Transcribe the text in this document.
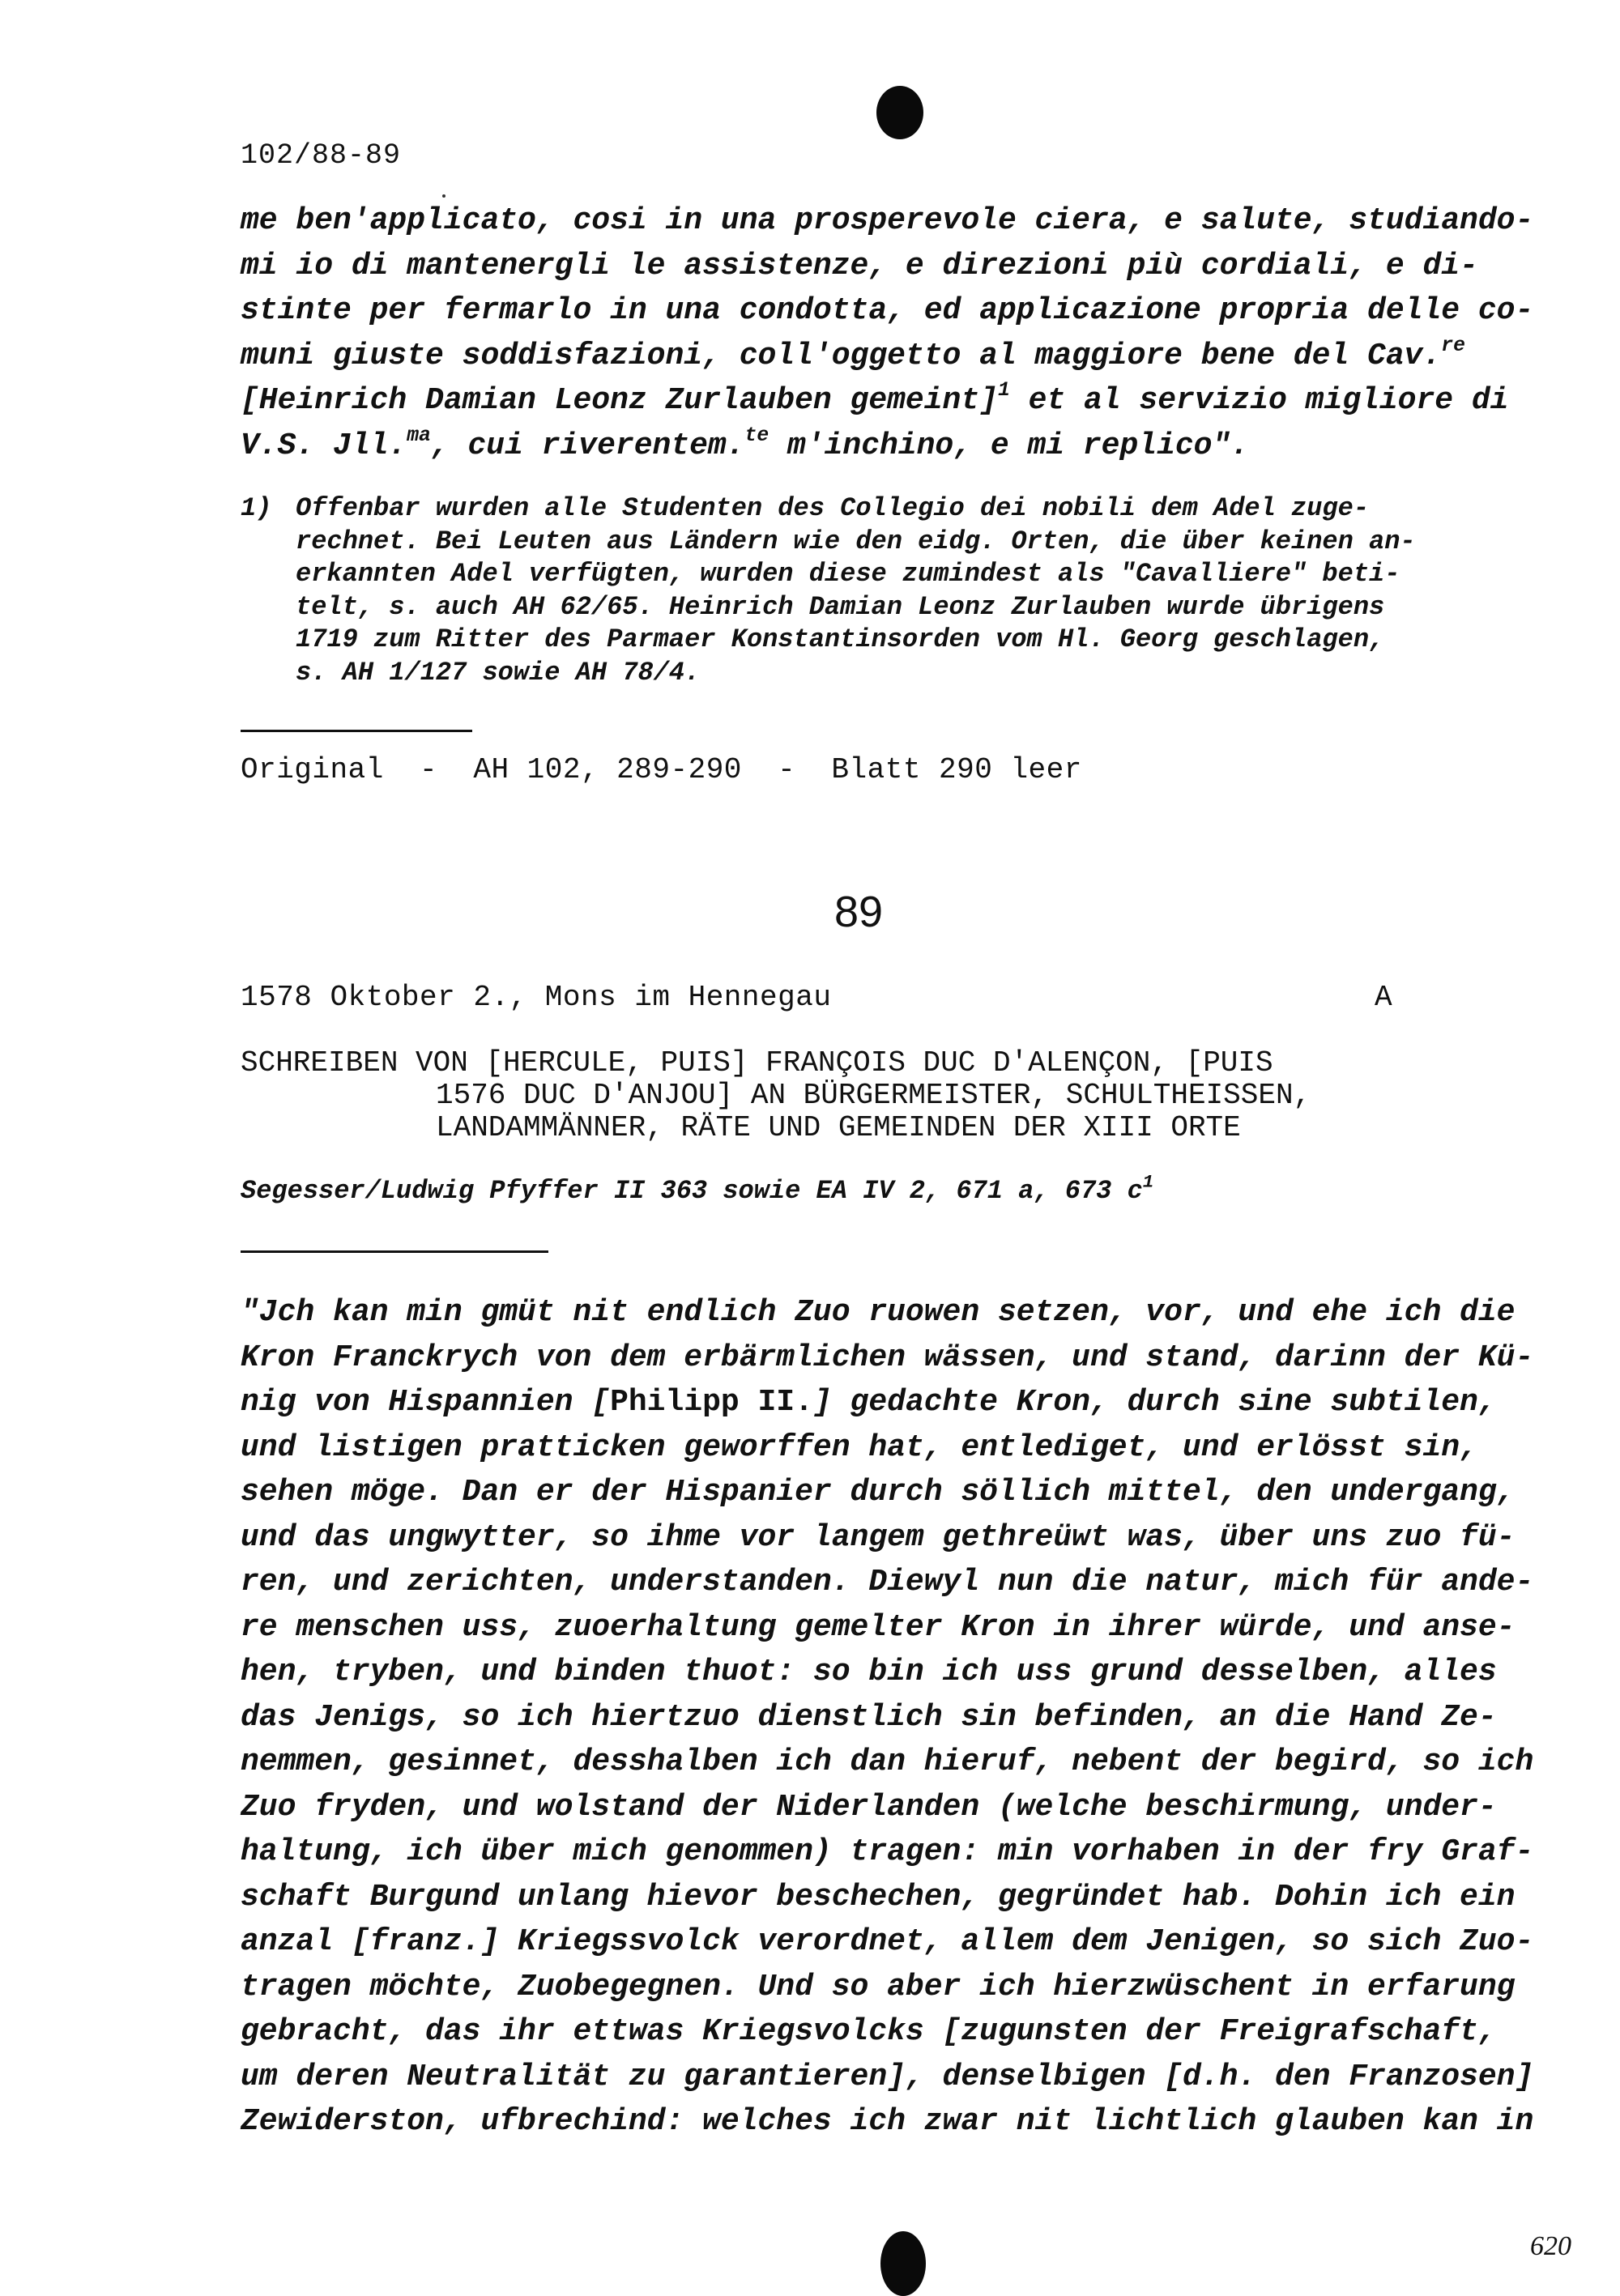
102/88-89
me ben'applicato, cosi in una prosperevole ciera, e salute, studiando-
mi io di mantenergli le assistenze, e direzioni più cordiali, e di-
stinte per fermarlo in una condotta, ed applicazione propria delle co-
muni giuste soddisfazioni, coll'oggetto al maggiore bene del Cav.$^{re}$
[Heinrich Damian Leonz Zurlauben gemeint]$^1$ et al servizio migliore di
V.S. Jll.$^{ma}$, cui riverentem.$^{te}$ m'inchino, e mi replico".
1) Offenbar wurden alle Studenten des Collegio dei nobili dem Adel zuge-
rechnet. Bei Leuten aus Ländern wie den eidg. Orten, die über keinen an-
erkannten Adel verfügten, wurden diese zumindest als "Cavalliere" beti-
telt, s. auch AH 62/65. Heinrich Damian Leonz Zurlauben wurde übrigens
1719 zum Ritter des Parmaer Konstantinsorden vom Hl. Georg geschlagen,
s. AH 1/127 sowie AH 78/4.
Original  -  AH 102, 289-290  -  Blatt 290 leer
89
1578 Oktober 2., Mons im Hennegau	A
SCHREIBEN VON [HERCULE, PUIS] FRANÇOIS DUC D'ALENÇON, [PUIS
1576 DUC D'ANJOU] AN BÜRGERMEISTER, SCHULTHEISSEN,
LANDAMMÄNNER, RÄTE UND GEMEINDEN DER XIII ORTE
Segesser/Ludwig Pfyffer II 363 sowie EA IV 2, 671 a, 673 $c^1$
"Jch kan min gmüt nit endlich Zuo ruowen setzen, vor, und ehe ich die
Kron Franckrych von dem erbärmlichen wässen, und stand, darinn der Kü-
nig von Hispannien [Philipp II.] gedachte Kron, durch sine subtilen,
und listigen pratticken geworffen hat, entlediget, und erlösst sin,
sehen möge. Dan er der Hispanier durch söllich mittel, den undergang,
und das ungwytter, so ihme vor langem gethreüwt was, über uns zuo fü-
ren, und zerichten, understanden. Diewyl nun die natur, mich für ande-
re menschen uss, zuoerhaltung gemelter Kron in ihrer würde, und anse-
hen, tryben, und binden thuot: so bin ich uss grund desselben, alles
das Jenigs, so ich hiertzuo dienstlich sin befinden, an die Hand Ze-
nemmen, gesinnet, desshalben ich dan hieruf, nebent der begird, so ich
Zuo fryden, und wolstand der Niderlanden (welche beschirmung, under-
haltung, ich über mich genommen) tragen: min vorhaben in der fry Graf-
schaft Burgund unlang hievor beschechen, gegründet hab. Dohin ich ein
anzal [franz.] Kriegssvolck verordnet, allem dem Jenigen, so sich Zuo-
tragen möchte, Zuobegegnen. Und so aber ich hierzwüschent in erfarung
gebracht, das ihr ettwas Kriegsvolcks [zugunsten der Freigrafschaft,
um deren Neutralität zu garantieren], denselbigen [d.h. den Franzosen]
Zewiderston, ufbrechind: welches ich zwar nit lichtlich glauben kan in
620
